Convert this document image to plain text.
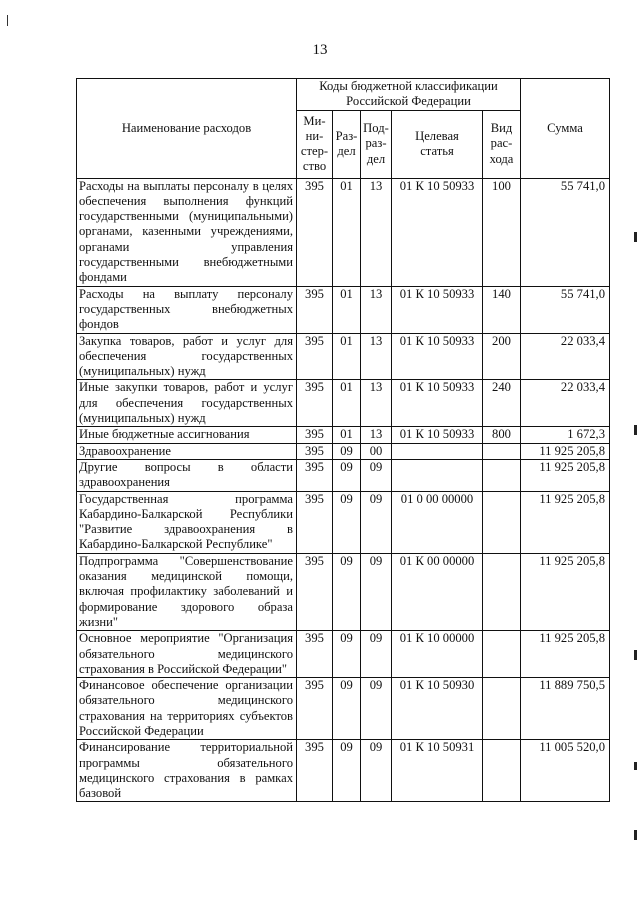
13
Наименование расходов	Коды бюджетной классификации Российской Федерации					Сумма
	Ми-
ни-
стер-
ство	Раз-
дел	Под-
раз-
дел	Целевая
статья	Вид
рас-
хода	
Расходы на выплаты персоналу в целях обеспечения выполнения функций государственными (муниципальными) органами, казенными учреждениями, органами управления государственными внебюджетными фондами	395	01	13	01 К 10 50933	100	55 741,0
Расходы на выплату персоналу государственных внебюджетных фондов	395	01	13	01 К 10 50933	140	55 741,0
Закупка товаров, работ и услуг для обеспечения государственных (муниципальных) нужд	395	01	13	01 К 10 50933	200	22 033,4
Иные закупки товаров, работ и услуг для обеспечения государственных (муниципальных) нужд	395	01	13	01 К 10 50933	240	22 033,4
Иные бюджетные ассигнования	395	01	13	01 К 10 50933	800	1 672,3
Здравоохранение	395	09	00			11 925 205,8
Другие вопросы в области здравоохранения	395	09	09			11 925 205,8
Государственная программа Кабардино-Балкарской Республики "Развитие здравоохранения в Кабардино-Балкарской Республике"	395	09	09	01 0 00 00000		11 925 205,8
Подпрограмма "Совершенствование оказания медицинской помощи, включая профилактику заболеваний и формирование здорового образа жизни"	395	09	09	01 К 00 00000		11 925 205,8
Основное мероприятие "Организация обязательного медицинского страхования в Российской Федерации"	395	09	09	01 К 10 00000		11 925 205,8
Финансовое обеспечение организации обязательного медицинского страхования на территориях субъектов Российской Федерации	395	09	09	01 К 10 50930		11 889 750,5
Финансирование территориальной программы обязательного медицинского страхования в рамках базовой	395	09	09	01 К 10 50931		11 005 520,0
